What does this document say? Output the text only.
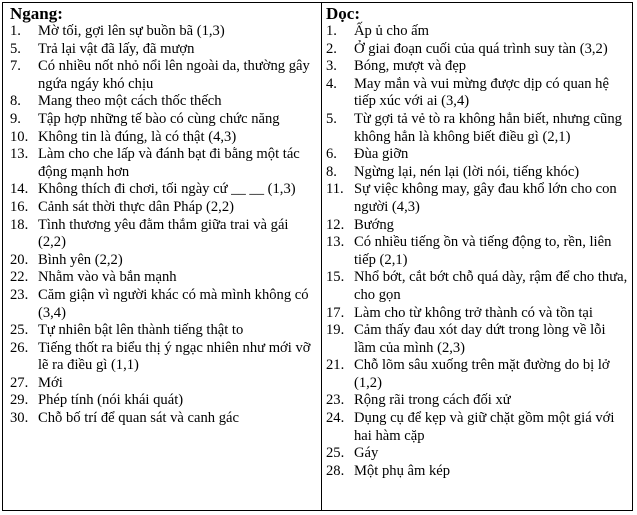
Ngang:
1.	Mờ tối, gợi lên sự buồn bã (1,3)
5.	Trả lại vật đã lấy, đã mượn
7.	Có nhiều nốt nhỏ nổi lên ngoài da, thường gây ngứa ngáy khó chịu
8.	Mang theo một cách thốc thếch
9.	Tập hợp những tế bào có cùng chức năng
10. Không tin là đúng, là có thật (4,3)
13. Làm cho che lấp và đánh bạt đi bằng một tác động mạnh hơn
14. Không thích đi chơi, tối ngày cứ __ __ (1,3)
16. Cảnh sát thời thực dân Pháp (2,2)
18. Tình thương yêu đằm thắm giữa trai và gái (2,2)
20. Bình yên (2,2)
22. Nhằm vào và bắn mạnh
23. Căm giận vì người khác có mà mình không có (3,4)
25. Tự nhiên bật lên thành tiếng thật to
26. Tiếng thốt ra biểu thị ý ngạc nhiên như mới vỡ lẽ ra điều gì (1,1)
27. Mới
29. Phép tính (nói khái quát)
30. Chỗ bố trí để quan sát và canh gác
Dọc:
1.	Ấp ủ cho ấm
2.	Ở giai đoạn cuối của quá trình suy tàn (3,2)
3.	Bóng, mượt và đẹp
4.	May mắn và vui mừng được dịp có quan hệ tiếp xúc với ai (3,4)
5.	Từ gợi tả vẻ tò ra không hẳn biết, nhưng cũng không hẳn là không biết điều gì (2,1)
6.	Đùa giỡn
8.	Ngừng lại, nén lại (lời nói, tiếng khóc)
11. Sự việc không may, gây đau khổ lớn cho con người (4,3)
12. Bướng
13. Có nhiều tiếng ồn và tiếng động to, rền, liên tiếp (2,1)
15. Nhổ bớt, cắt bớt chỗ quá dày, rậm để cho thưa, cho gọn
17. Làm cho từ không trở thành có và tồn tại
19. Cảm thấy đau xót day dứt trong lòng về lỗi lầm của mình (2,3)
21. Chỗ lõm sâu xuống trên mặt đường do bị lở (1,2)
23. Rộng rãi trong cách đối xử
24. Dụng cụ để kẹp và giữ chặt gồm một giá với hai hàm cặp
25. Gáy
28. Một phụ âm kép
